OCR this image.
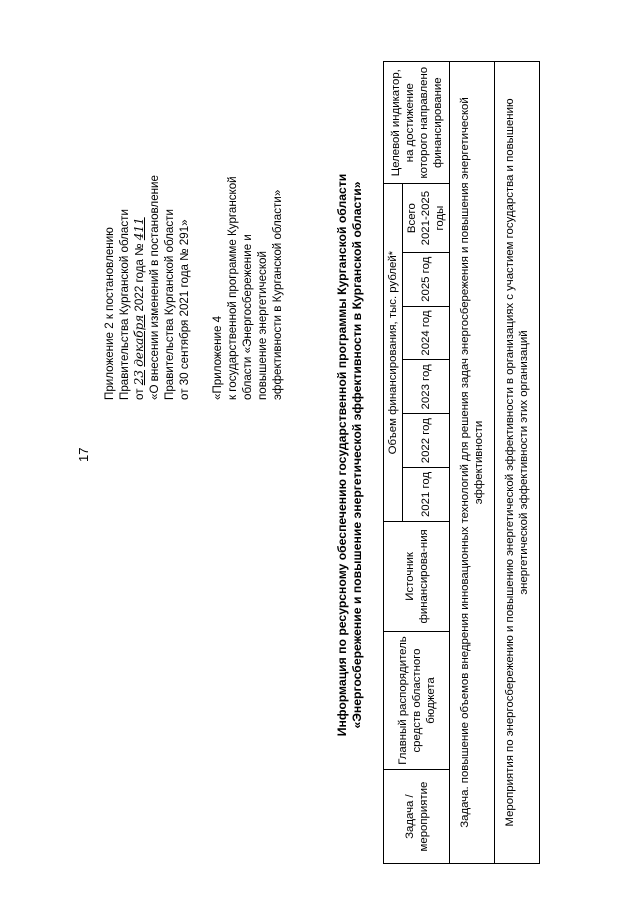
17
Приложение 2 к постановлению Правительства Курганской области от 23 декабря 2022 года № 411 «О внесении изменений в постановление Правительства Курганской области от 30 сентября 2021 года № 291» «Приложение 4 к государственной программе Курганской области «Энергосбережение и повышение энергетической эффективности в Курганской области»	Информация по ресурсному обеспечению государственной программы Курганской области «Энергосбережение и повышение энергетической эффективности в Курганской области»
Задача / мероприятие	Главный распорядитель средств областного бюджета	Источник финансирова-ния	Объем финансирования, тыс. рублей*						Целевой индикатор, на достижение которого направлено финансирование
			2021 год	2022 год	2023 год	2024 год	2025 год	Всего 2021-2025 годы	
Задача. повышение объемов внедрения инновационных технологий для решения задач энергосбережения и повышения энергетической эффективности									
Мероприятия по энергосбережению и повышению энергетической эффективности в организациях с участием государства и повышению энергетической эффективности этих организаций									
